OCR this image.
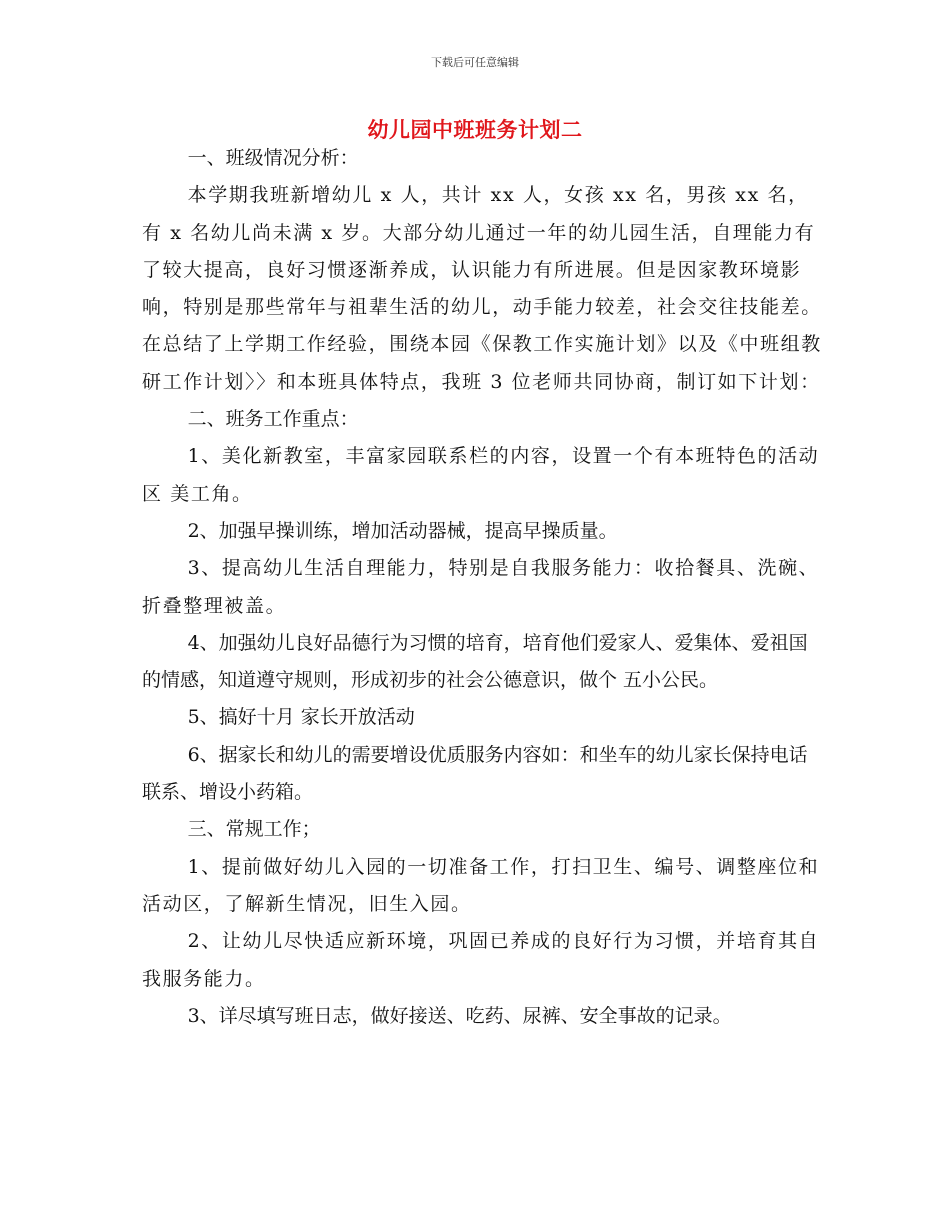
下载后可任意编辑
幼儿园中班班务计划二

一、班级情况分析：

本学期我班新增幼儿 x 人，共计 xx 人，女孩 xx 名，男孩 xx 名，有 x 名幼儿尚未满 x 岁。大部分幼儿通过一年的幼儿园生活，自理能力有了较大提高，良好习惯逐渐养成，认识能力有所进展。但是因家教环境影响，特别是那些常年与祖辈生活的幼儿，动手能力较差，社会交往技能差。在总结了上学期工作经验，围绕本园《保教工作实施计划》以及《中班组教研工作计划〉〉和本班具体特点，我班 3 位老师共同协商，制订如下计划：

二、班务工作重点：

1、美化新教室，丰富家园联系栏的内容，设置一个有本班特色的活动区 美工角。

2、加强早操训练，增加活动器械，提高早操质量。

3、提高幼儿生活自理能力，特别是自我服务能力：收拾餐具、洗碗、折叠整理被盖。

4、加强幼儿良好品德行为习惯的培育，培育他们爱家人、爱集体、爱祖国的情感，知道遵守规则，形成初步的社会公德意识，做个 五小公民。

5、搞好十月 家长开放活动

6、据家长和幼儿的需要增设优质服务内容如：和坐车的幼儿家长保持电话联系、增设小药箱。

三、常规工作；

1、提前做好幼儿入园的一切准备工作，打扫卫生、编号、调整座位和活动区，了解新生情况，旧生入园。

2、让幼儿尽快适应新环境，巩固已养成的良好行为习惯，并培育其自我服务能力。

3、详尽填写班日志，做好接送、吃药、尿裤、安全事故的记录。
